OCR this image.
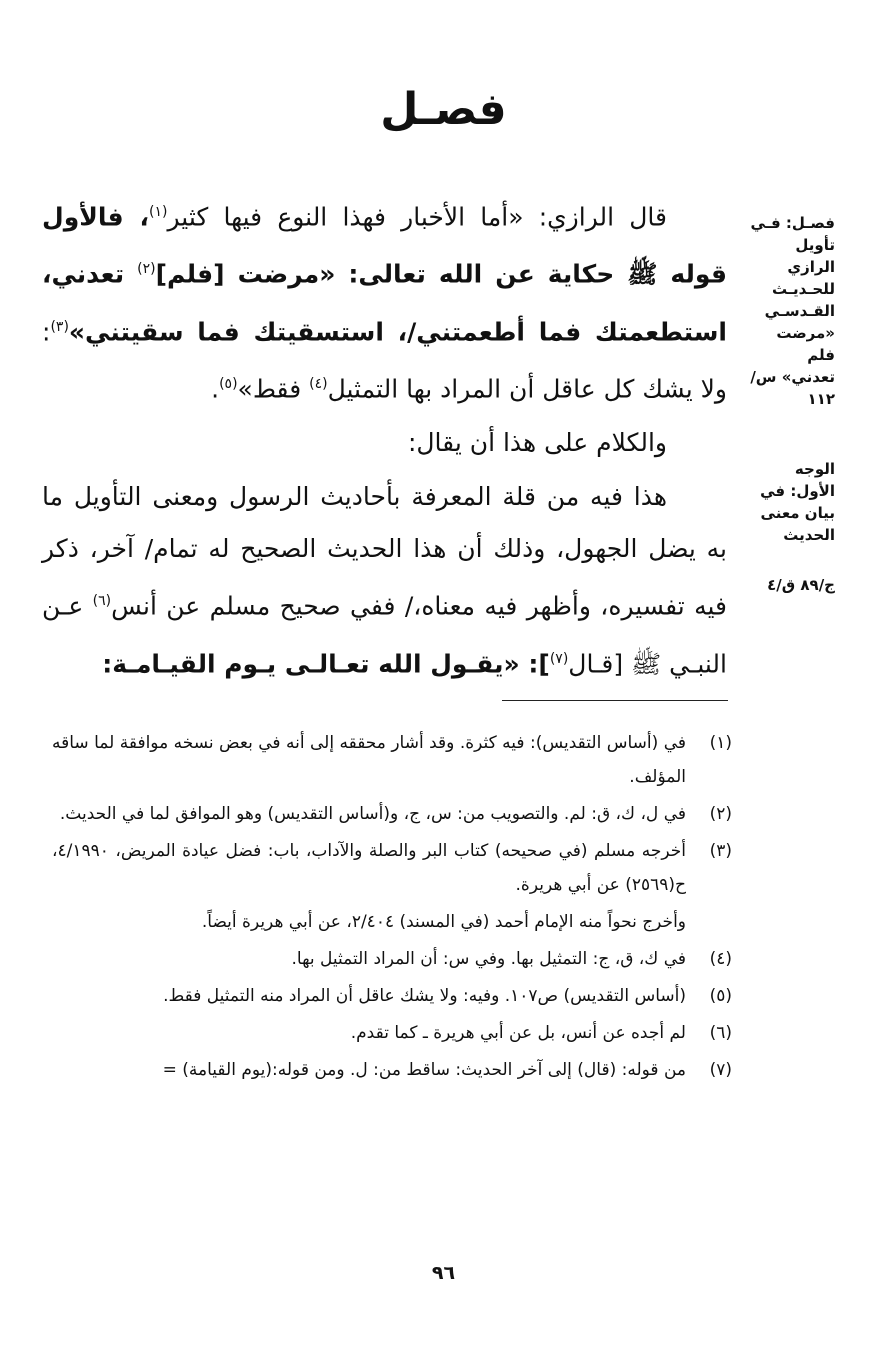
فصـل
فصـل: فـي تأويل الرازي للحـديـث القـدسـي «مرضت فلم تعدني» س/١١٢
الوجه الأول: في بيان معنى الحديث
ج/٨٩ ق/٤

قال الرازي: «أما الأخبار فهذا النوع فيها كثير$^{(١)}$، فالأول قوله ﷺ حكاية عن الله تعالى: «مرضت [فلم]$^{(٢)}$ تعدني، استطعمتك فما أطعمتني/، استسقيتك فما سقيتني»$^{(٣)}$: ولا يشك كل عاقل أن المراد بها التمثيل$^{(٤)}$ فقط»$^{(٥)}$.

والكلام على هذا أن يقال:

هذا فيه من قلة المعرفة بأحاديث الرسول ومعنى التأويل ما به يضل الجهول، وذلك أن هذا الحديث الصحيح له تمام/ آخر، ذكر فيه تفسيره، وأظهر فيه معناه،/ ففي صحيح مسلم عن أنس$^{(٦)}$ عـن النبـي ﷺ [قـال$^{(٧)}$]: «يقـول الله تعـالـى يـوم القيـامـة:

(١)
في (أساس التقديس): فيه كثرة. وقد أشار محققه إلى أنه في بعض نسخه موافقة لما ساقه المؤلف.
(٢)
في ل، ك، ق: لم. والتصويب من: س، ج، و(أساس التقديس) وهو الموافق لما في الحديث.
(٣)
أخرجه مسلم (في صحيحه) كتاب البر والصلة والآداب، باب: فضل عيادة المريض، ٤/١٩٩٠، ح(٢٥٦٩) عن أبي هريرة.
وأخرج نحواً منه الإمام أحمد (في المسند) ٢/٤٠٤، عن أبي هريرة أيضاً.
(٤)
في ك، ق، ج: التمثيل بها. وفي س: أن المراد التمثيل بها.
(٥)
(أساس التقديس) ص١٠٧. وفيه: ولا يشك عاقل أن المراد منه التمثيل فقط.
(٦)
لم أجده عن أنس، بل عن أبي هريرة ـ كما تقدم.
(٧)
من قوله: (قال) إلى آخر الحديث: ساقط من: ل. ومن قوله:(يوم القيامة) =
٩٦
